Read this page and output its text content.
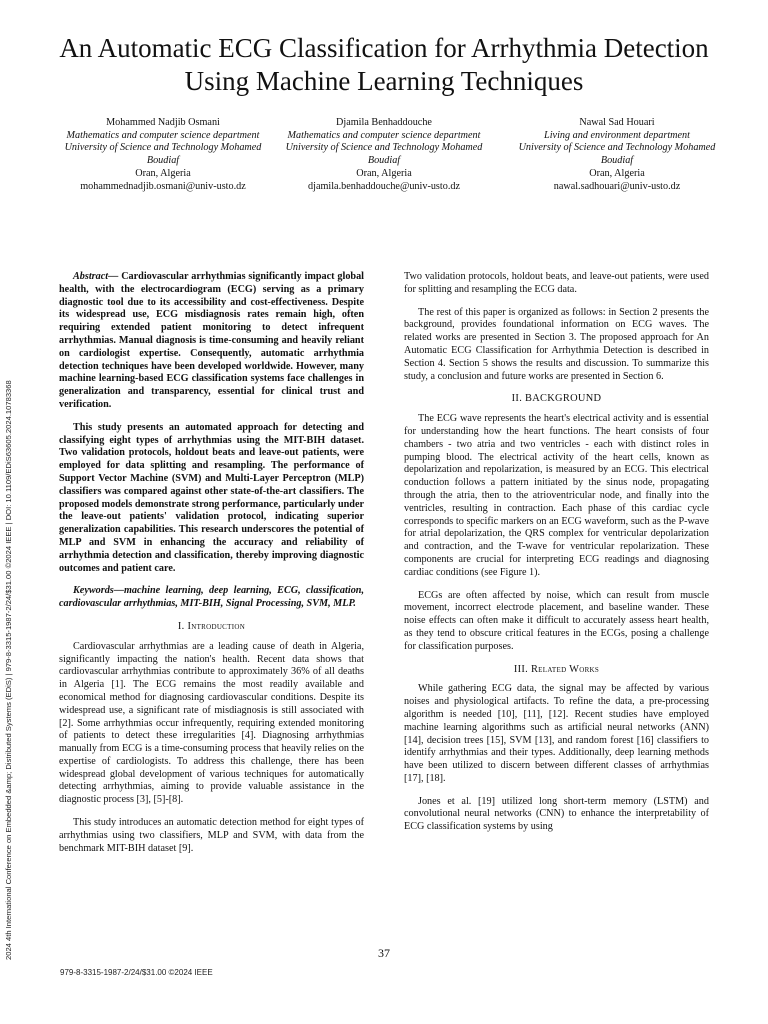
An Automatic ECG Classification for Arrhythmia Detection Using Machine Learning Techniques
Mohammed Nadjib Osmani
Mathematics and computer science department
University of Science and Technology Mohamed Boudiaf
Oran, Algeria
mohammednadjib.osmani@univ-usto.dz
Djamila Benhaddouche
Mathematics and computer science department
University of Science and Technology Mohamed Boudiaf
Oran, Algeria
djamila.benhaddouche@univ-usto.dz
Nawal Sad Houari
Living and environment department
University of Science and Technology Mohamed Boudiaf
Oran, Algeria
nawal.sadhouari@univ-usto.dz
2024 4th International Conference on Embedded &amp; Distributed Systems (EDiS) | 979-8-3315-1987-2/24/$31.00 ©2024 IEEE | DOI: 10.1109/EDiS63605.2024.10783368

Abstract— Cardiovascular arrhythmias significantly impact global health, with the electrocardiogram (ECG) serving as a primary diagnostic tool due to its accessibility and cost-effectiveness. Despite its widespread use, ECG misdiagnosis rates remain high, often requiring extended patient monitoring to detect infrequent arrhythmias. Manual diagnosis is time-consuming and heavily reliant on cardiologist expertise. Consequently, automatic arrhythmia detection techniques have been developed worldwide. However, many machine learning-based ECG classification systems face challenges in generalization and transparency, essential for clinical trust and verification.

This study presents an automated approach for detecting and classifying eight types of arrhythmias using the MIT-BIH dataset. Two validation protocols, holdout beats and leave-out patients, were employed for data splitting and resampling. The performance of Support Vector Machine (SVM) and Multi-Layer Perceptron (MLP) classifiers was compared against other state-of-the-art classifiers. The proposed models demonstrate strong performance, particularly under the leave-out patients' validation protocol, indicating superior generalization capabilities. This research underscores the potential of MLP and SVM in enhancing the accuracy and reliability of arrhythmia detection and classification, thereby improving diagnostic outcomes and patient care.

Keywords—machine learning, deep learning, ECG, classification, cardiovascular arrhythmias, MIT-BIH, Signal Processing, SVM, MLP.

I. Introduction

Cardiovascular arrhythmias are a leading cause of death in Algeria, significantly impacting the nation's health. Recent data shows that cardiovascular arrhythmias contribute to approximately 36% of all deaths in Algeria [1]. The ECG remains the most readily available and economical method for diagnosing cardiovascular conditions. Despite its widespread use, a significant rate of misdiagnosis is still associated with [2]. Some arrhythmias occur infrequently, requiring extended monitoring of patients to detect these irregularities [4]. Diagnosing arrhythmias manually from ECG is a time-consuming process that heavily relies on the expertise of cardiologists. To address this challenge, there has been widespread global development of various techniques for automatically detecting arrhythmias, aiming to provide valuable assistance in the diagnostic process [3], [5]-[8].

This study introduces an automatic detection method for eight types of arrhythmias using two classifiers, MLP and SVM, with data from the benchmark MIT-BIH dataset [9].

Two validation protocols, holdout beats, and leave-out patients, were used for splitting and resampling the ECG data.

The rest of this paper is organized as follows: in Section 2 presents the background, provides foundational information on ECG waves. The related works are presented in Section 3. The proposed approach for An Automatic ECG Classification for Arrhythmia Detection is described in Section 4. Section 5 shows the results and discussion. To summarize this study, a conclusion and future works are presented in Section 6.

II. BACKGROUND

The ECG wave represents the heart's electrical activity and is essential for understanding how the heart functions. The heart consists of four chambers - two atria and two ventricles - each with distinct roles in pumping blood. The electrical activity of the heart cells, known as depolarization and repolarization, is measured by an ECG. This electrical conduction follows a pattern initiated by the sinus node, propagating through the atria, then to the atrioventricular node, and finally into the ventricles, resulting in contraction. Each phase of this cardiac cycle corresponds to specific markers on an ECG waveform, such as the P-wave for atrial depolarization, the QRS complex for ventricular depolarization and contraction, and the T-wave for ventricular repolarization. These components are crucial for interpreting ECG readings and diagnosing cardiac conditions (see Figure 1).

ECGs are often affected by noise, which can result from muscle movement, incorrect electrode placement, and baseline wander. These noise effects can often make it difficult to accurately assess heart health, as they tend to obscure critical features in the ECGs, posing a challenge for classification purposes.

III. Related Works

While gathering ECG data, the signal may be affected by various noises and physiological artifacts. To refine the data, a pre-processing algorithm is needed [10], [11], [12]. Recent studies have employed machine learning algorithms such as artificial neural networks (ANN) [14], decision trees [15], SVM [13], and random forest [16] classifiers to identify arrhythmias and their types. Additionally, deep learning methods have been utilized to discern between different classes of arrhythmias [17], [18].

Jones et al. [19] utilized long short-term memory (LSTM) and convolutional neural networks (CNN) to enhance the interpretability of ECG classification systems by using

37
979-8-3315-1987-2/24/$31.00 ©2024 IEEE
